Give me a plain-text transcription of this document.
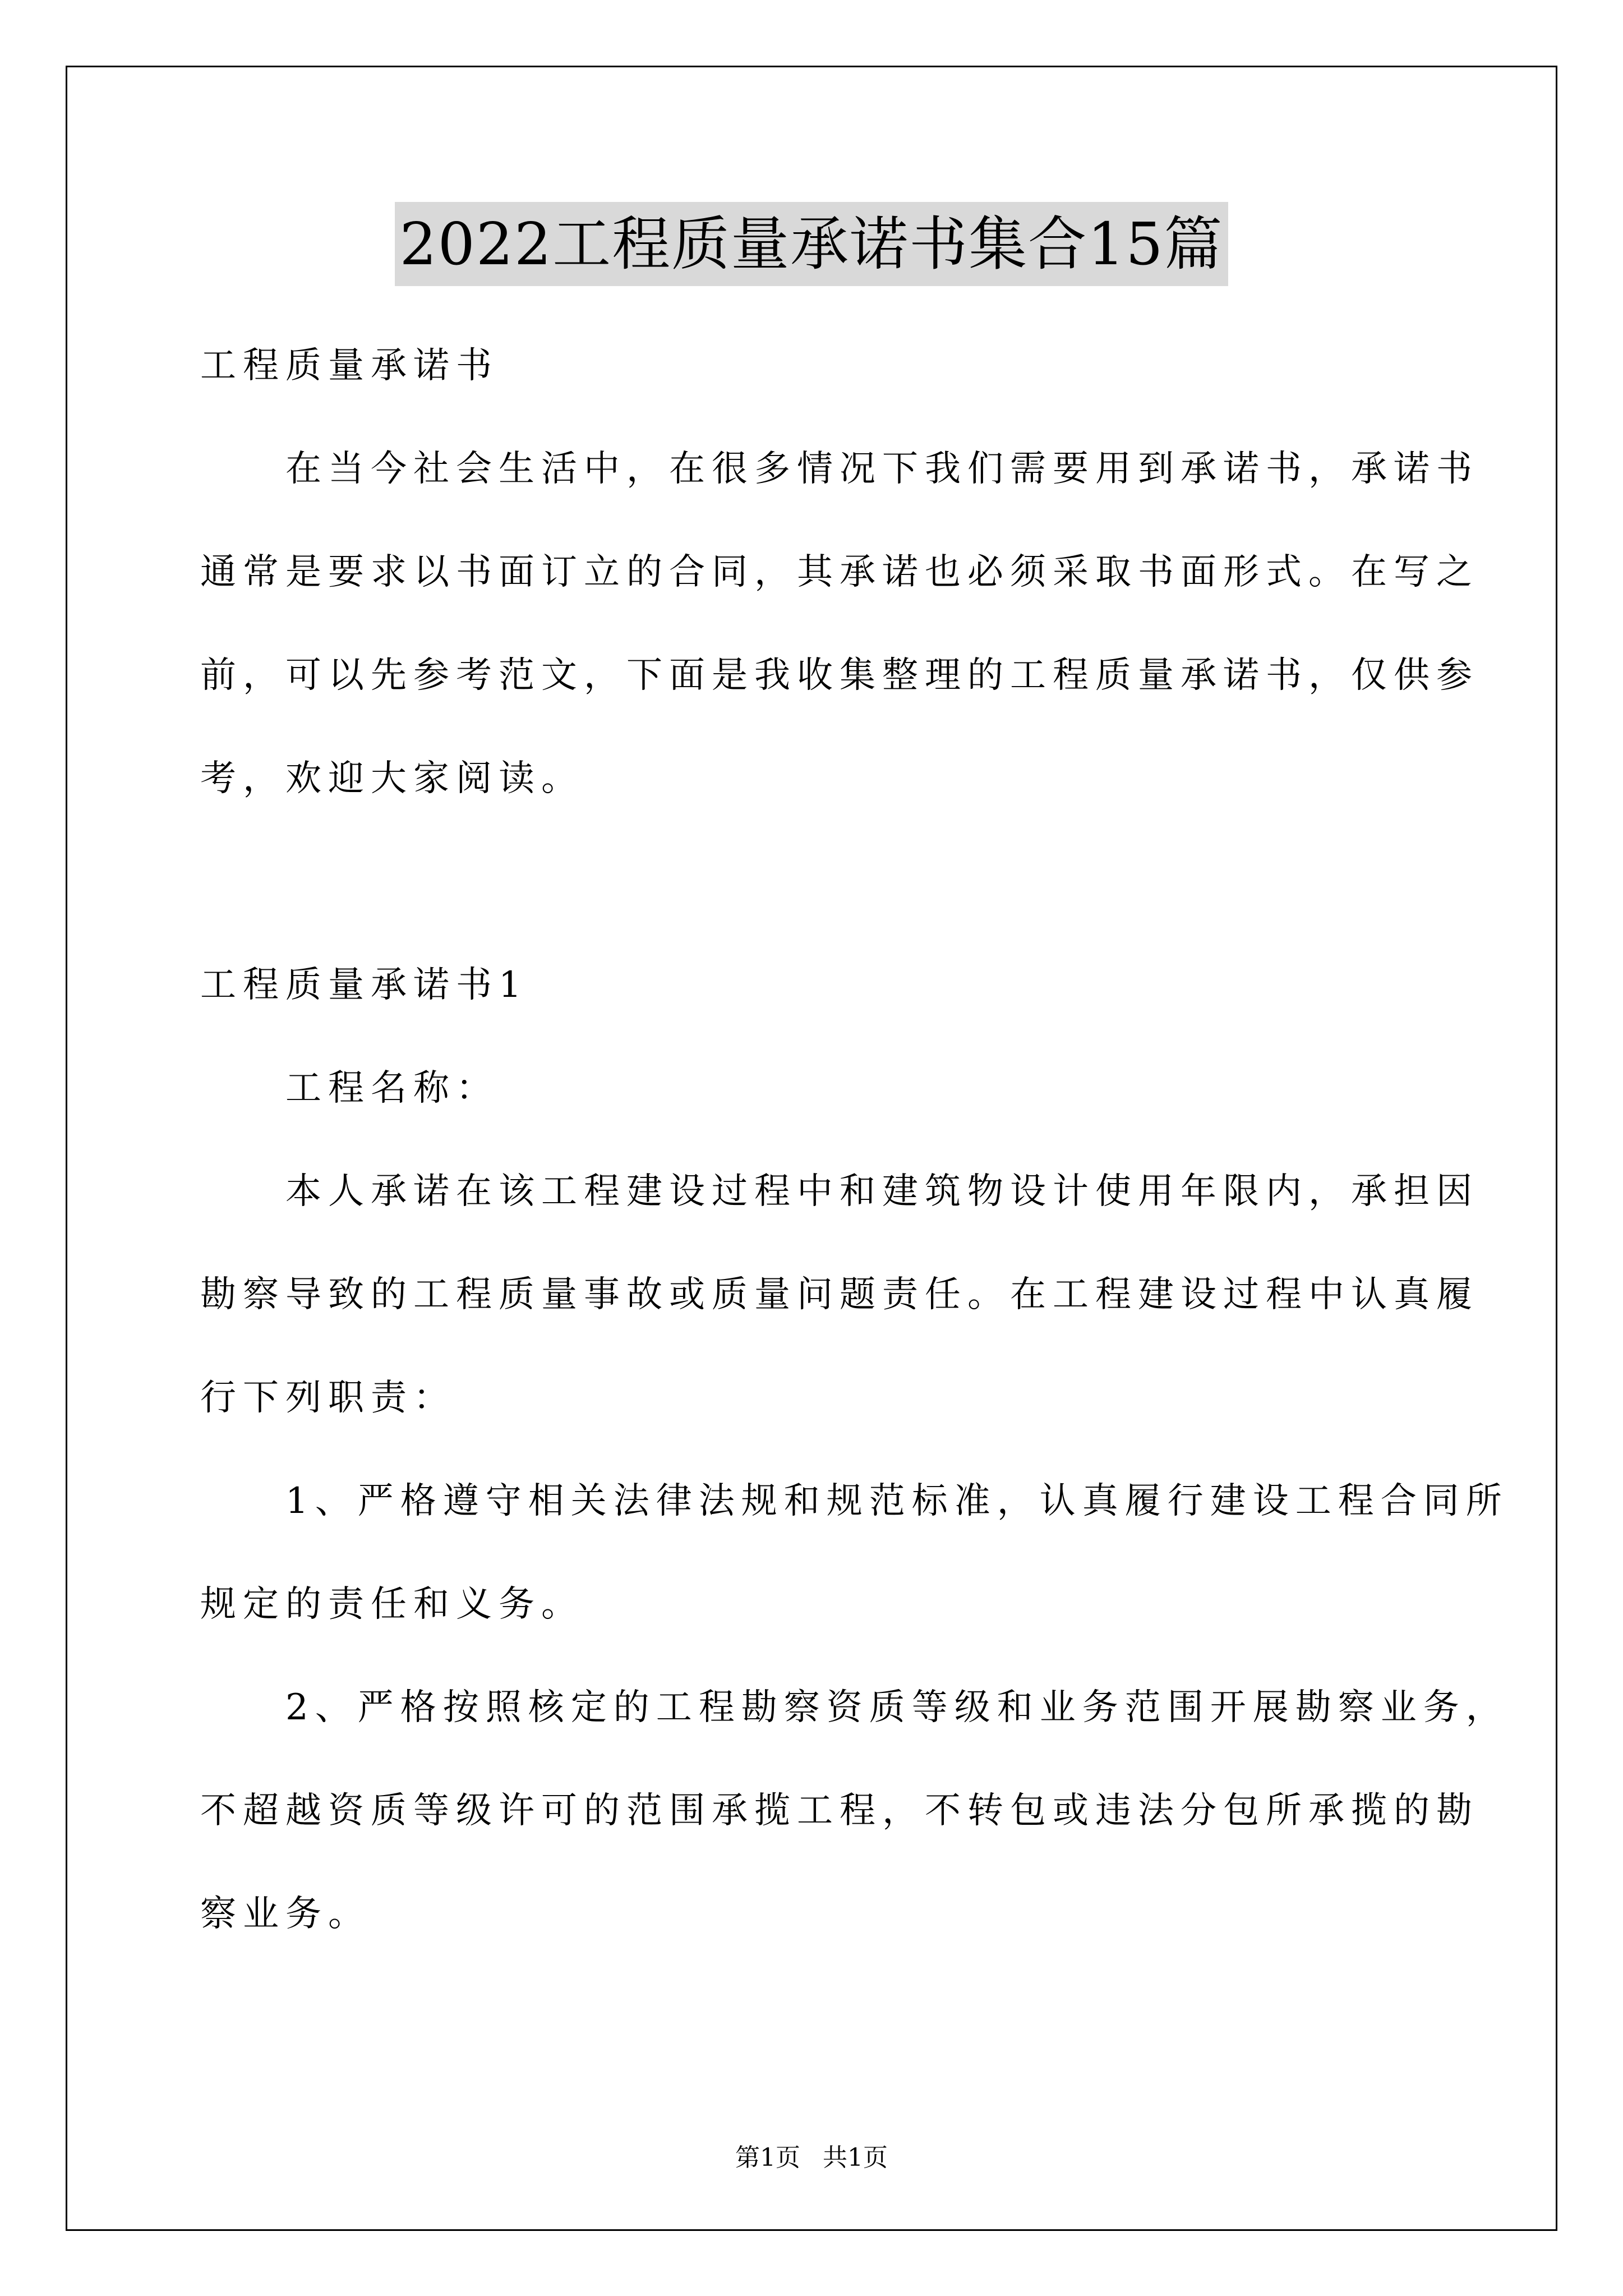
2022工程质量承诺书集合15篇
工程质量承诺书
　　在当今社会生活中，在很多情况下我们需要用到承诺书，承诺书
通常是要求以书面订立的合同，其承诺也必须采取书面形式。在写之
前，可以先参考范文，下面是我收集整理的工程质量承诺书，仅供参
考，欢迎大家阅读。
工程质量承诺书1
　　工程名称：
　　本人承诺在该工程建设过程中和建筑物设计使用年限内，承担因
勘察导致的工程质量事故或质量问题责任。在工程建设过程中认真履
行下列职责：
　　1、严格遵守相关法律法规和规范标准，认真履行建设工程合同所
规定的责任和义务。
　　2、严格按照核定的工程勘察资质等级和业务范围开展勘察业务，
不超越资质等级许可的范围承揽工程，不转包或违法分包所承揽的勘
察业务。
第1页 共1页
